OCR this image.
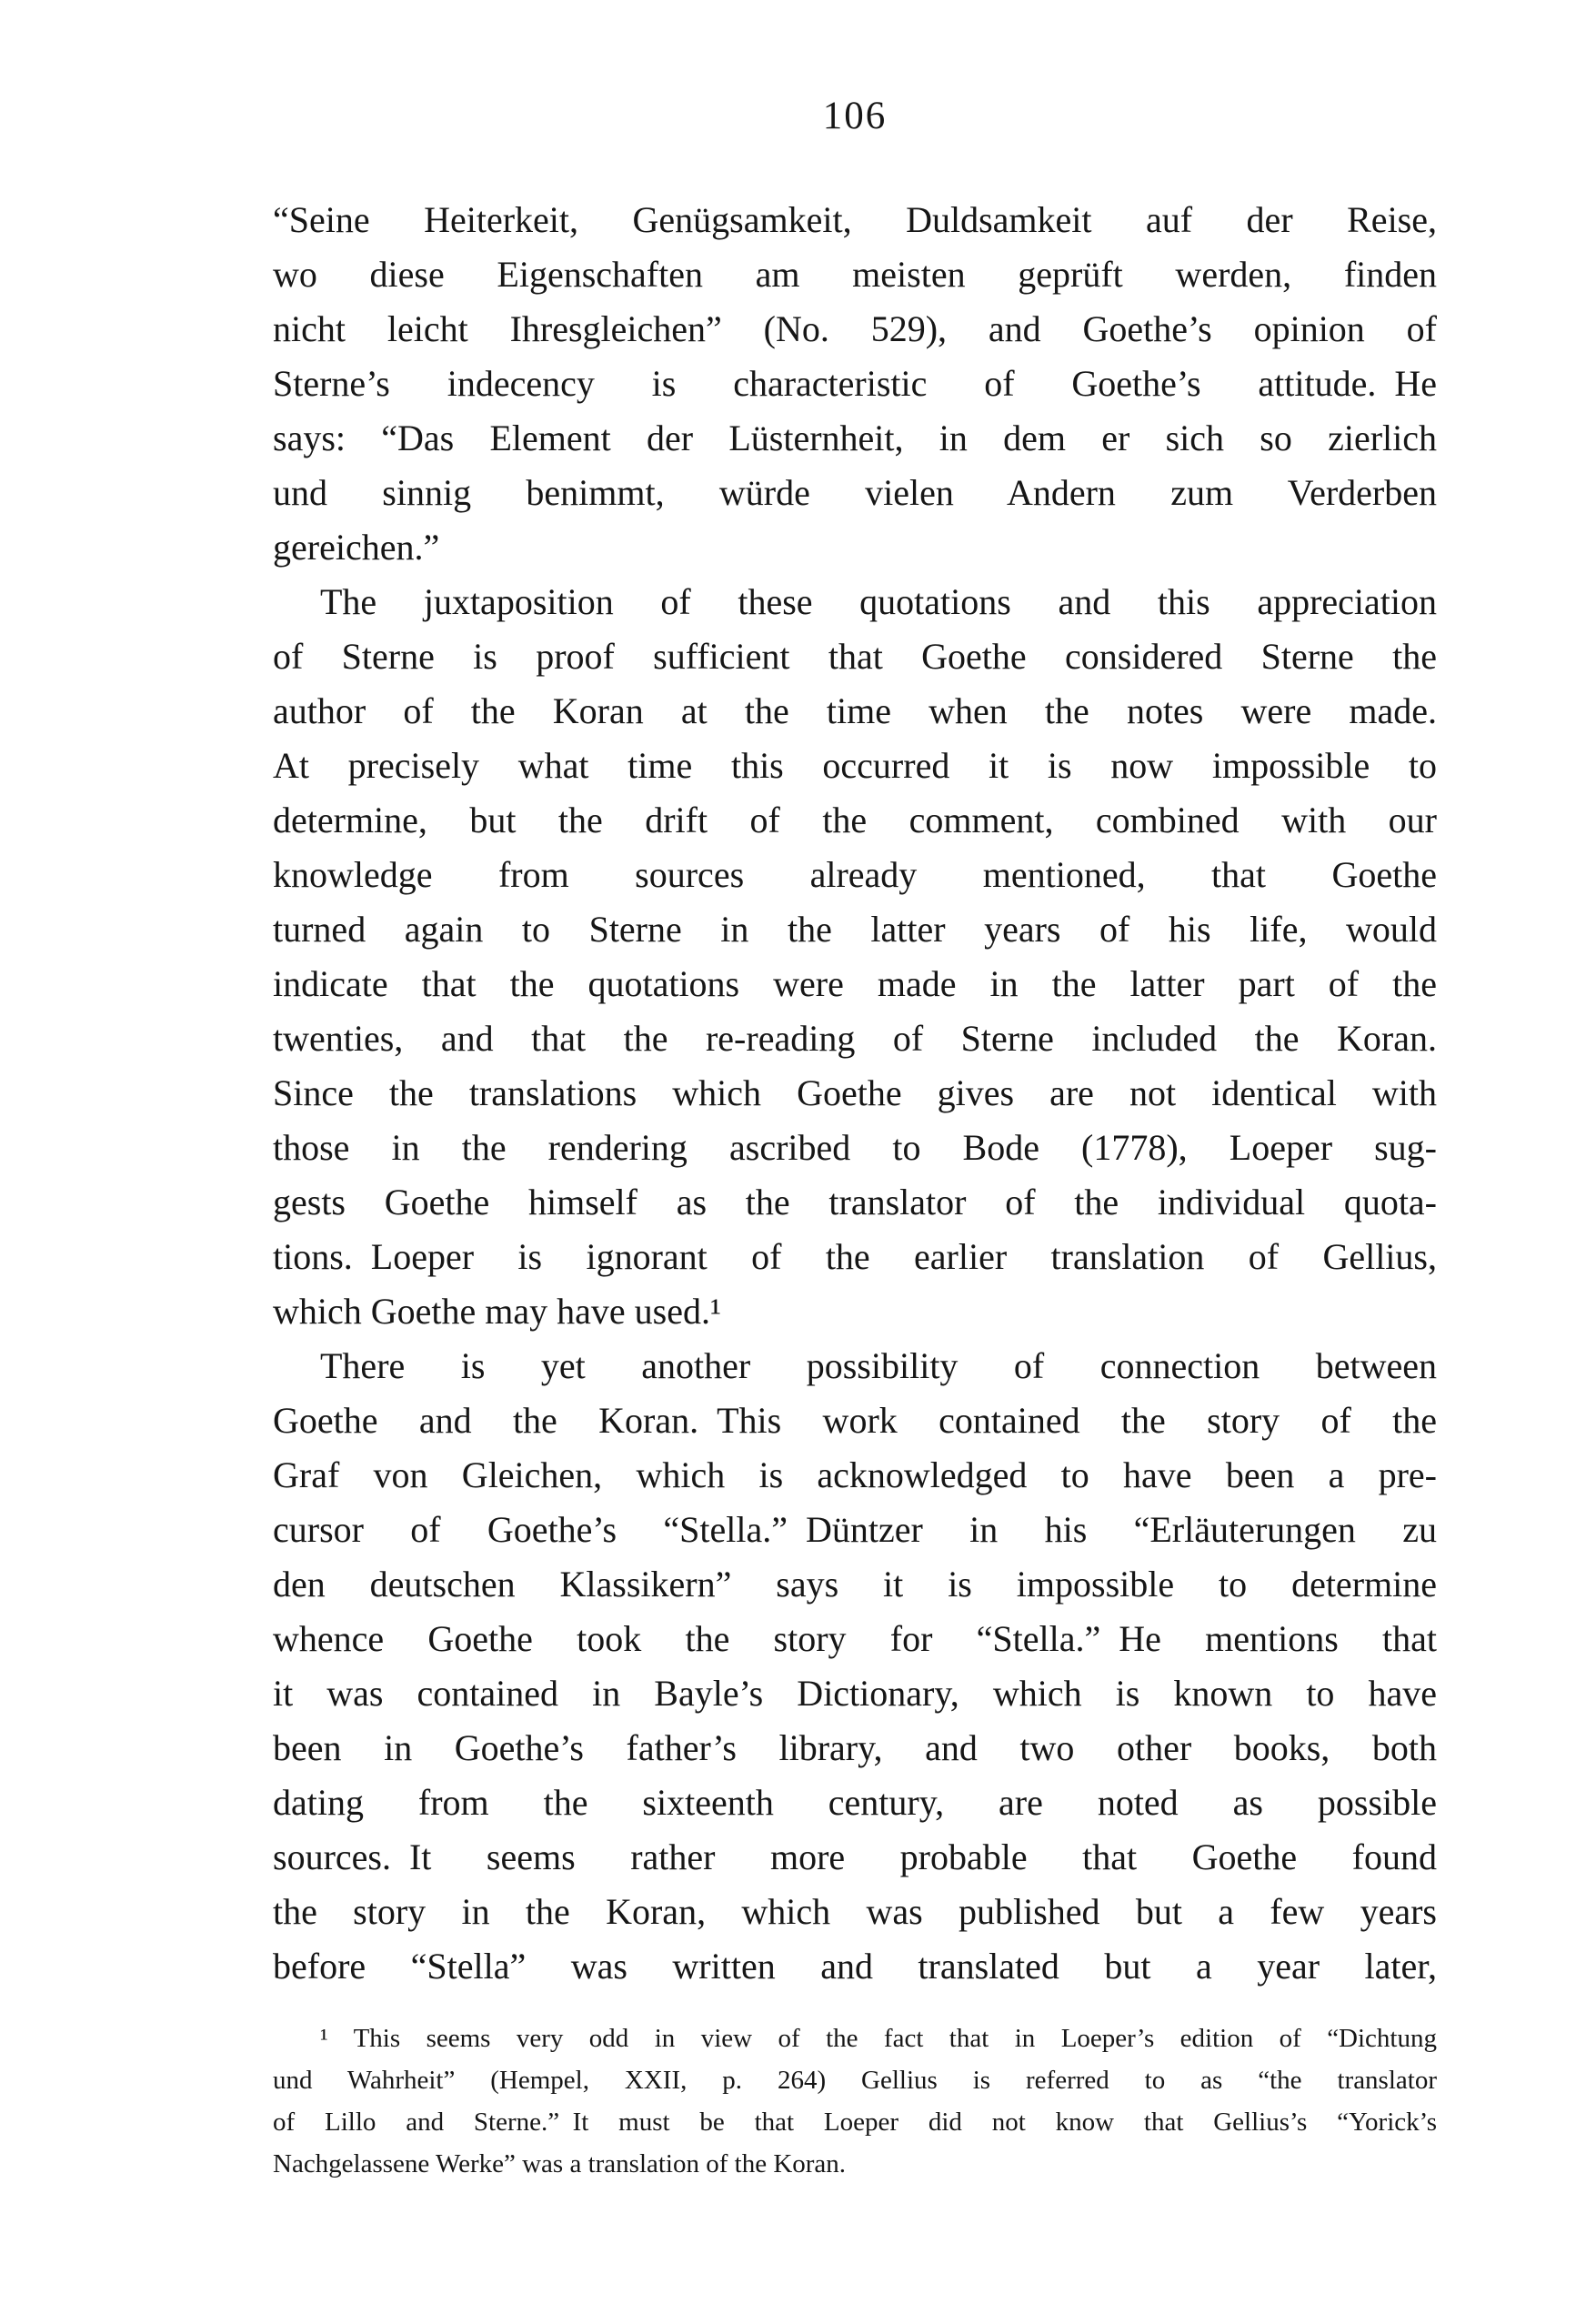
106
“Seine Heiterkeit, Genügsamkeit, Duldsamkeit auf der Reise,
wo diese Eigenschaften am meisten geprüft werden, finden
nicht leicht Ihresgleichen” (No. 529), and Goethe’s opinion of
Sterne’s indecency is characteristic of Goethe’s attitude. He
says: “Das Element der Lüsternheit, in dem er sich so zierlich
und sinnig benimmt, würde vielen Andern zum Verderben
gereichen.”
The juxtaposition of these quotations and this appreciation
of Sterne is proof sufficient that Goethe considered Sterne the
author of the Koran at the time when the notes were made.
At precisely what time this occurred it is now impossible to
determine, but the drift of the comment, combined with our
knowledge from sources already mentioned, that Goethe
turned again to Sterne in the latter years of his life, would
indicate that the quotations were made in the latter part of the
twenties, and that the re-reading of Sterne included the Koran.
Since the translations which Goethe gives are not identical with
those in the rendering ascribed to Bode (1778), Loeper sug-
gests Goethe himself as the translator of the individual quota-
tions. Loeper is ignorant of the earlier translation of Gellius,
which Goethe may have used.¹
There is yet another possibility of connection between
Goethe and the Koran. This work contained the story of the
Graf von Gleichen, which is acknowledged to have been a pre-
cursor of Goethe’s “Stella.” Düntzer in his “Erläuterungen zu
den deutschen Klassikern” says it is impossible to determine
whence Goethe took the story for “Stella.” He mentions that
it was contained in Bayle’s Dictionary, which is known to have
been in Goethe’s father’s library, and two other books, both
dating from the sixteenth century, are noted as possible
sources. It seems rather more probable that Goethe found
the story in the Koran, which was published but a few years
before “Stella” was written and translated but a year later,
¹ This seems very odd in view of the fact that in Loeper’s edition of “Dichtung
und Wahrheit” (Hempel, XXII, p. 264) Gellius is referred to as “the translator
of Lillo and Sterne.” It must be that Loeper did not know that Gellius’s “Yorick’s
Nachgelassene Werke” was a translation of the Koran.
